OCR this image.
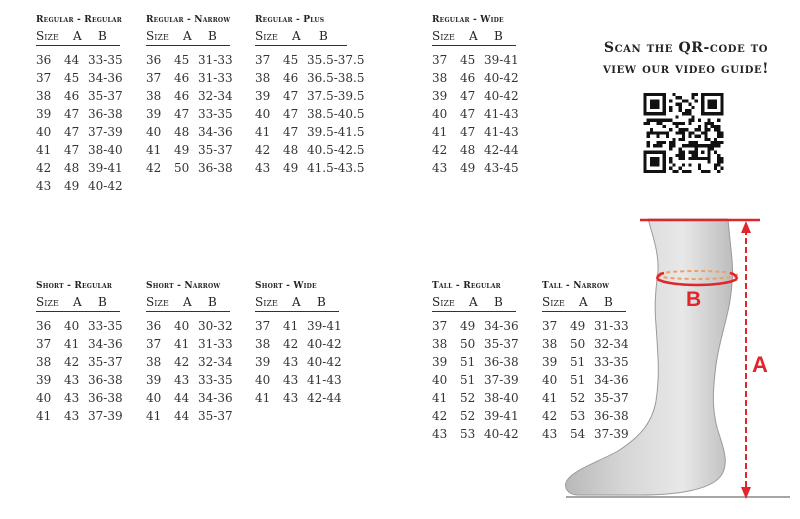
Regular - Regular
Size A B
36 44 33-35
37 45 34-36
38 46 35-37
39 47 36-38
40 47 37-39
41 47 38-40
42 48 39-41
43 49 40-42
Regular - Narrow
Size A B
36 45 31-33
37 46 31-33
38 46 32-34
39 47 33-35
40 48 34-36
41 49 35-37
42 50 36-38
Regular - Plus
Size A B
37 45 35.5-37.5
38 46 36.5-38.5
39 47 37.5-39.5
40 47 38.5-40.5
41 47 39.5-41.5
42 48 40.5-42.5
43 49 41.5-43.5
Regular - Wide
Size A B
37 45 39-41
38 46 40-42
39 47 40-42
40 47 41-43
41 47 41-43
42 48 42-44
43 49 43-45
Short - Regular
Size A B
36 40 33-35
37 41 34-36
38 42 35-37
39 43 36-38
40 43 36-38
41 43 37-39
Short - Narrow
Size A B
36 40 30-32
37 41 31-33
38 42 32-34
39 43 33-35
40 44 34-36
41 44 35-37
Short - Wide
Size A B
37 41 39-41
38 42 40-42
39 43 40-42
40 43 41-43
41 43 42-44
Tall - Regular
Size A B
37 49 34-36
38 50 35-37
39 51 36-38
40 51 37-39
41 52 38-40
42 52 39-41
43 53 40-42
Tall - Narrow
Size A B
37 49 31-33
38 50 32-34
39 51 33-35
40 51 34-36
41 52 35-37
42 53 36-38
43 54 37-39
Scan the QR-code to
view our video guide!
B
A
